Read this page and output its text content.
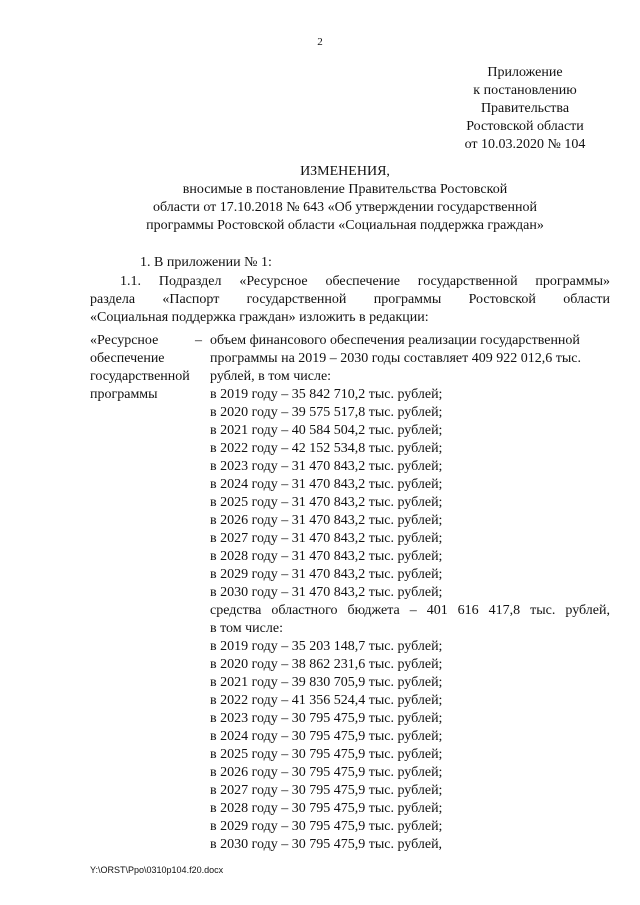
2
Приложение
к постановлению
Правительства
Ростовской области
от 10.03.2020 № 104
ИЗМЕНЕНИЯ,
вносимые в постановление Правительства Ростовской
области от 17.10.2018 № 643 «Об утверждении государственной
программы Ростовской области «Социальная поддержка граждан»
1. В приложении № 1:
1.1. Подраздел «Ресурсное обеспечение государственной программы»
раздела «Паспорт государственной программы Ростовской области
«Социальная поддержка граждан» изложить в редакции:
«Ресурсное	–
обеспечение
государственной
программы
объем финансового обеспечения реализации государственной
программы на 2019 – 2030 годы составляет 409 922 012,6 тыс.
рублей, в том числе:
в 2019 году – 35 842 710,2 тыс. рублей;
в 2020 году – 39 575 517,8 тыс. рублей;
в 2021 году – 40 584 504,2 тыс. рублей;
в 2022 году – 42 152 534,8 тыс. рублей;
в 2023 году – 31 470 843,2 тыс. рублей;
в 2024 году – 31 470 843,2 тыс. рублей;
в 2025 году – 31 470 843,2 тыс. рублей;
в 2026 году – 31 470 843,2 тыс. рублей;
в 2027 году – 31 470 843,2 тыс. рублей;
в 2028 году – 31 470 843,2 тыс. рублей;
в 2029 году – 31 470 843,2 тыс. рублей;
в 2030 году – 31 470 843,2 тыс. рублей;
средства областного бюджета – 401 616 417,8 тыс. рублей,
в том числе:
в 2019 году – 35 203 148,7 тыс. рублей;
в 2020 году – 38 862 231,6 тыс. рублей;
в 2021 году – 39 830 705,9 тыс. рублей;
в 2022 году – 41 356 524,4 тыс. рублей;
в 2023 году – 30 795 475,9 тыс. рублей;
в 2024 году – 30 795 475,9 тыс. рублей;
в 2025 году – 30 795 475,9 тыс. рублей;
в 2026 году – 30 795 475,9 тыс. рублей;
в 2027 году – 30 795 475,9 тыс. рублей;
в 2028 году – 30 795 475,9 тыс. рублей;
в 2029 году – 30 795 475,9 тыс. рублей;
в 2030 году – 30 795 475,9 тыс. рублей,
Y:\ORST\Ppo\0310p104.f20.docx
